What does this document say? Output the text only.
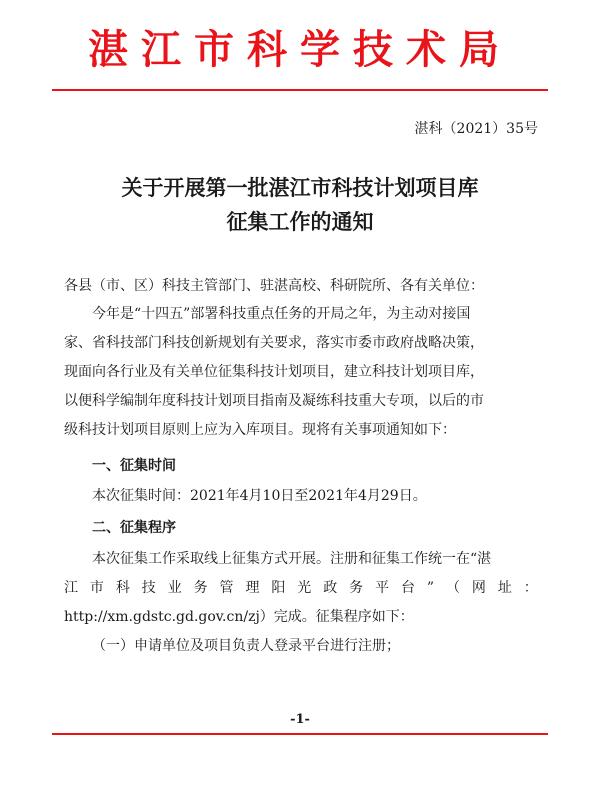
湛江市科学技术局
湛科（2021）35号
关于开展第一批湛江市科技计划项目库
征集工作的通知
各县（市、区）科技主管部门、驻湛高校、科研院所、各有关单位：
今年是“十四五”部署科技重点任务的开局之年，为主动对接国
家、省科技部门科技创新规划有关要求，落实市委市政府战略决策，
现面向各行业及有关单位征集科技计划项目，建立科技计划项目库，
以便科学编制年度科技计划项目指南及凝练科技重大专项，以后的市
级科技计划项目原则上应为入库项目。现将有关事项通知如下：
一、征集时间
本次征集时间：2021年4月10日至2021年4月29日。
二、征集程序
本次征集工作采取线上征集方式开展。注册和征集工作统一在“湛
江 市 科 技 业 务 管 理 阳 光 政 务 平 台 ” （ 网 址 ：
http://xm.gdstc.gd.gov.cn/zj）完成。征集程序如下：
（一）申请单位及项目负责人登录平台进行注册；
-1-
